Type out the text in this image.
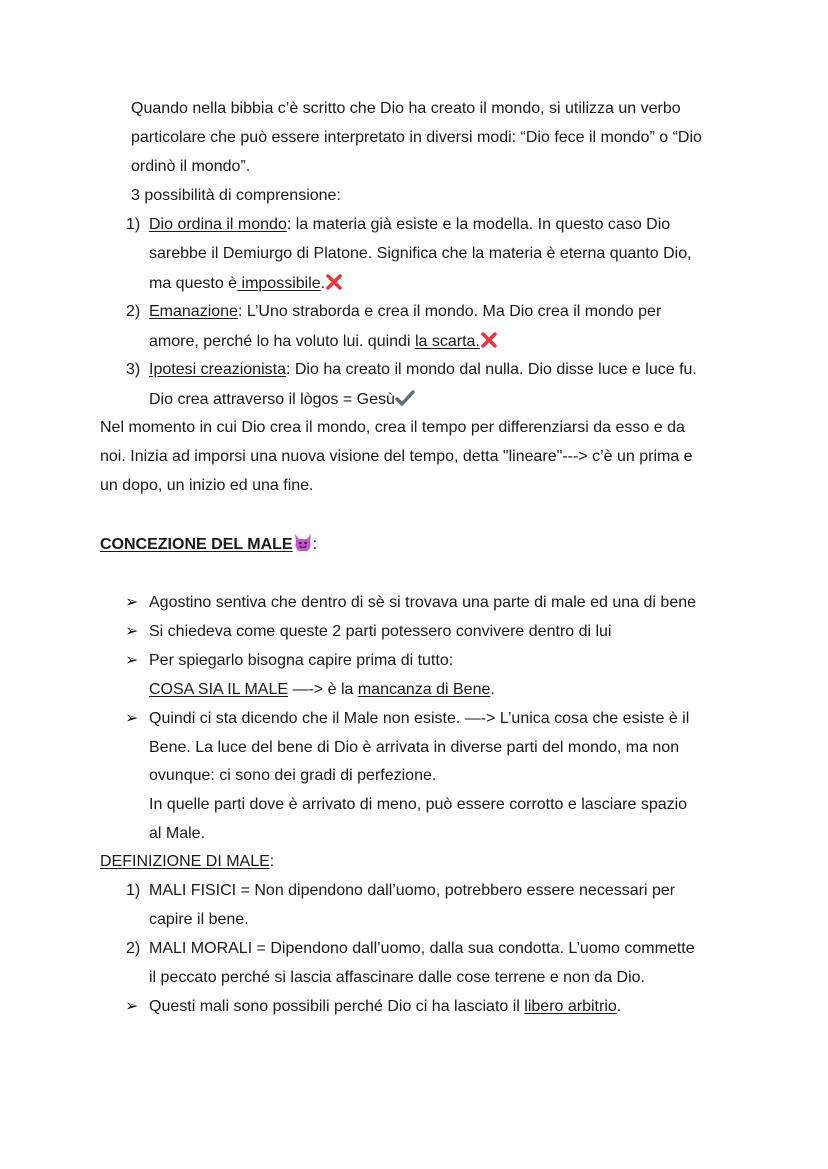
Quando nella bibbia c’è scritto che Dio ha creato il mondo, si utilizza un verbo
particolare che può essere interpretato in diversi modi: “Dio fece il mondo” o “Dio
ordinò il mondo”.
3 possibilità di comprensione:
1) Dio ordina il mondo: la materia già esiste e la modella. In questo caso Dio
sarebbe il Demiurgo di Platone. Significa che la materia è eterna quanto Dio,
ma questo è impossibile.
2) Emanazione: L’Uno straborda e crea il mondo. Ma Dio crea il mondo per
amore, perché lo ha voluto lui. quindi la scarta.
3) Ipotesi creazionista: Dio ha creato il mondo dal nulla. Dio disse luce e luce fu.
Dio crea attraverso il lògos = Gesù
Nel momento in cui Dio crea il mondo, crea il tempo per differenziarsi da esso e da
noi. Inizia ad imporsi una nuova visione del tempo, detta "lineare"---> c’è un prima e
un dopo, un inizio ed una fine.
CONCEZIONE DEL MALE :
➢ Agostino sentiva che dentro di sè si trovava una parte di male ed una di bene
➢ Si chiedeva come queste 2 parti potessero convivere dentro di lui
➢ Per spiegarlo bisogna capire prima di tutto:
COSA SIA IL MALE —-> è la mancanza di Bene.
➢ Quindi ci sta dicendo che il Male non esiste. —-> L’unica cosa che esiste è il
Bene. La luce del bene di Dio è arrivata in diverse parti del mondo, ma non
ovunque: ci sono dei gradi di perfezione.
In quelle parti dove è arrivato di meno, può essere corrotto e lasciare spazio
al Male.
DEFINIZIONE DI MALE:
1) MALI FISICI = Non dipendono dall’uomo, potrebbero essere necessari per
capire il bene.
2) MALI MORALI = Dipendono dall’uomo, dalla sua condotta. L’uomo commette
il peccato perché si lascia affascinare dalle cose terrene e non da Dio.
➢ Questi mali sono possibili perché Dio ci ha lasciato il libero arbitrio.
